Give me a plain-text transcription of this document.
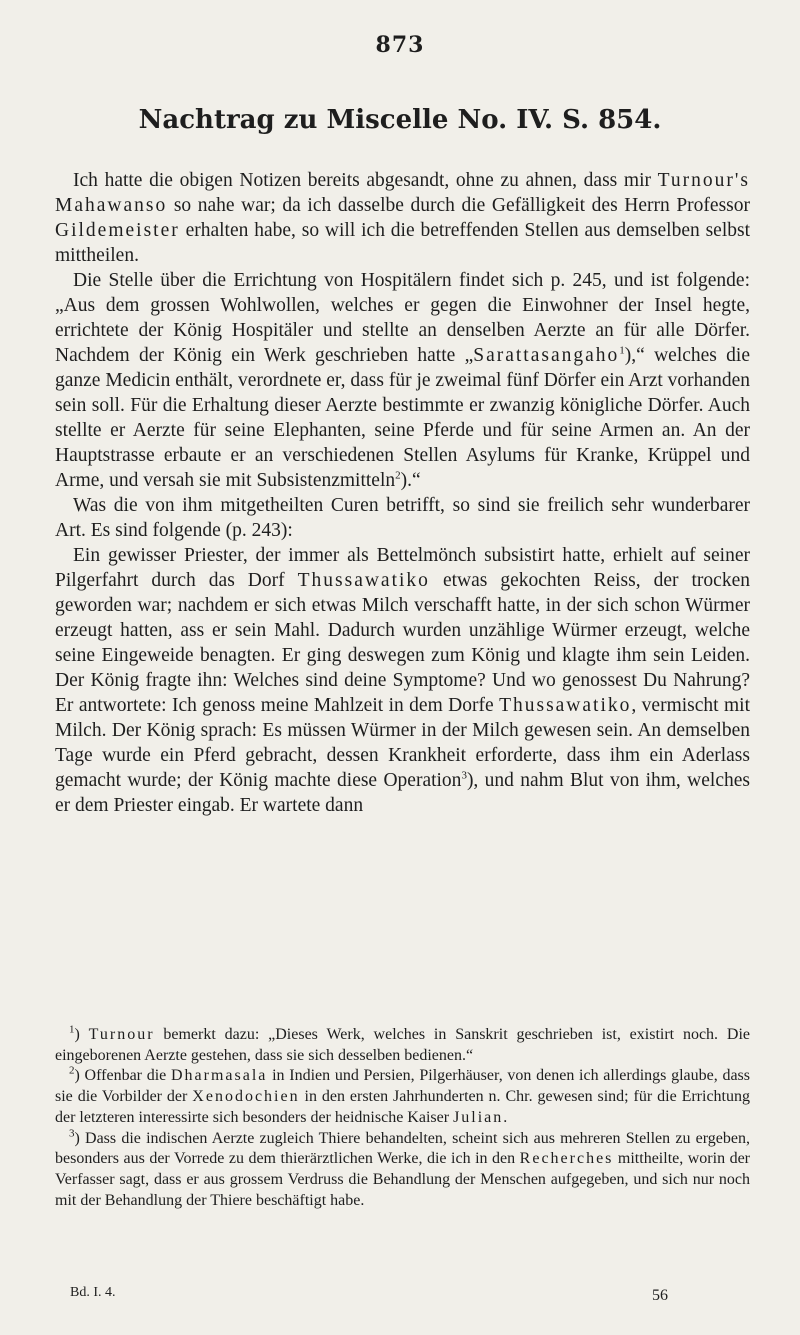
873
Nachtrag zu Miscelle No. IV. S. 854.

Ich hatte die obigen Notizen bereits abgesandt, ohne zu ahnen, dass mir Turnour's Mahawanso so nahe war; da ich dasselbe durch die Gefälligkeit des Herrn Professor Gildemeister erhalten habe, so will ich die betreffenden Stellen aus demselben selbst mittheilen.

Die Stelle über die Errichtung von Hospitälern findet sich p. 245, und ist folgende: „Aus dem grossen Wohlwollen, welches er gegen die Einwohner der Insel hegte, errichtete der König Hospitäler und stellte an denselben Aerzte an für alle Dörfer. Nachdem der König ein Werk geschrieben hatte „Sarattasangaho$^1$),“ welches die ganze Medicin enthält, verordnete er, dass für je zweimal fünf Dörfer ein Arzt vorhanden sein soll. Für die Erhaltung dieser Aerzte bestimmte er zwanzig königliche Dörfer. Auch stellte er Aerzte für seine Elephanten, seine Pferde und für seine Armen an. An der Hauptstrasse erbaute er an verschiedenen Stellen Asylums für Kranke, Krüppel und Arme, und versah sie mit Subsistenzmitteln$^2$).“

Was die von ihm mitgetheilten Curen betrifft, so sind sie freilich sehr wunderbarer Art. Es sind folgende (p. 243):

Ein gewisser Priester, der immer als Bettelmönch subsistirt hatte, erhielt auf seiner Pilgerfahrt durch das Dorf Thussawatiko etwas gekochten Reiss, der trocken geworden war; nachdem er sich etwas Milch verschafft hatte, in der sich schon Würmer erzeugt hatten, ass er sein Mahl. Dadurch wurden unzählige Würmer erzeugt, welche seine Eingeweide benagten. Er ging deswegen zum König und klagte ihm sein Leiden. Der König fragte ihn: Welches sind deine Symptome? Und wo genossest Du Nahrung? Er antwortete: Ich genoss meine Mahlzeit in dem Dorfe Thussawatiko, vermischt mit Milch. Der König sprach: Es müssen Würmer in der Milch gewesen sein. An demselben Tage wurde ein Pferd gebracht, dessen Krankheit erforderte, dass ihm ein Aderlass gemacht wurde; der König machte diese Operation$^3$), und nahm Blut von ihm, welches er dem Priester eingab. Er wartete dann

$^1$) Turnour bemerkt dazu: „Dieses Werk, welches in Sanskrit geschrieben ist, existirt noch. Die eingeborenen Aerzte gestehen, dass sie sich desselben bedienen.“

$^2$) Offenbar die Dharmasala in Indien und Persien, Pilgerhäuser, von denen ich allerdings glaube, dass sie die Vorbilder der Xenodochien in den ersten Jahrhunderten n. Chr. gewesen sind; für die Errichtung der letzteren interessirte sich besonders der heidnische Kaiser Julian.

$^3$) Dass die indischen Aerzte zugleich Thiere behandelten, scheint sich aus mehreren Stellen zu ergeben, besonders aus der Vorrede zu dem thierärztlichen Werke, die ich in den Recherches mittheilte, worin der Verfasser sagt, dass er aus grossem Verdruss die Behandlung der Menschen aufgegeben, und sich nur noch mit der Behandlung der Thiere beschäftigt habe.

Bd. I. 4.	56
